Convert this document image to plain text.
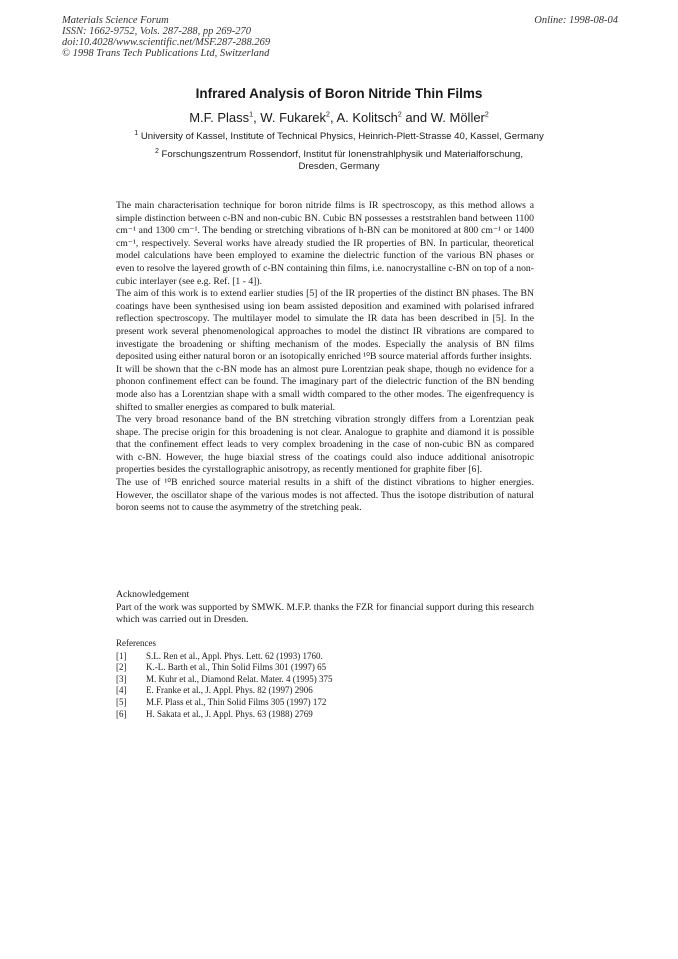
Materials Science Forum
ISSN: 1662-9752, Vols. 287-288, pp 269-270
doi:10.4028/www.scientific.net/MSF.287-288.269
© 1998 Trans Tech Publications Ltd, Switzerland
Online: 1998-08-04
Infrared Analysis of Boron Nitride Thin Films
M.F. Plass$^1$, W. Fukarek$^2$, A. Kolitsch$^2$ and W. Möller$^2$
$^1$ University of Kassel, Institute of Technical Physics, Heinrich-Plett-Strasse 40, Kassel, Germany
$^2$ Forschungszentrum Rossendorf, Institut für Ionenstrahlphysik und Materialforschung,
Dresden, Germany

The main characterisation technique for boron nitride films is IR spectroscopy, as this method allows a simple distinction between c-BN and non-cubic BN. Cubic BN possesses a reststrahlen band between 1100 cm⁻¹ and 1300 cm⁻¹. The bending or stretching vibrations of h-BN can be monitored at 800 cm⁻¹ or 1400 cm⁻¹, respectively. Several works have already studied the IR properties of BN. In particular, theoretical model calculations have been employed to examine the dielectric function of the various BN phases or even to resolve the layered growth of c-BN containing thin films, i.e. nanocrystalline c-BN on top of a non-cubic interlayer (see e.g. Ref. [1 - 4]).

The aim of this work is to extend earlier studies [5] of the IR properties of the distinct BN phases. The BN coatings have been synthesised using ion beam assisted deposition and examined with polarised infrared reflection spectroscopy. The multilayer model to simulate the IR data has been described in [5]. In the present work several phenomenological approaches to model the distinct IR vibrations are compared to investigate the broadening or shifting mechanism of the modes. Especially the analysis of BN films deposited using either natural boron or an isotopically enriched ¹⁰B source material affords further insights.

It will be shown that the c-BN mode has an almost pure Lorentzian peak shape, though no evidence for a phonon confinement effect can be found. The imaginary part of the dielectric function of the BN bending mode also has a Lorentzian shape with a small width compared to the other modes. The eigenfrequency is shifted to smaller energies as compared to bulk material.

The very broad resonance band of the BN stretching vibration strongly differs from a Lorentzian peak shape. The precise origin for this broadening is not clear. Analogue to graphite and diamond it is possible that the confinement effect leads to very complex broadening in the case of non-cubic BN as compared with c-BN. However, the huge biaxial stress of the coatings could also induce additional anisotropic properties besides the cyrstallographic anisotropy, as recently mentioned for graphite fiber [6].

The use of ¹⁰B enriched source material results in a shift of the distinct vibrations to higher energies. However, the oscillator shape of the various modes is not affected. Thus the isotope distribution of natural boron seems not to cause the asymmetry of the stretching peak.

Acknowledgement

Part of the work was supported by SMWK. M.F.P. thanks the FZR for financial support during this research which was carried out in Dresden.

References
[1]	S.L. Ren et al., Appl. Phys. Lett. 62 (1993) 1760.
[2]	K.-L. Barth et al., Thin Solid Films 301 (1997) 65
[3]	M. Kuhr et al., Diamond Relat. Mater. 4 (1995) 375
[4]	E. Franke et al., J. Appl. Phys. 82 (1997) 2906
[5]	M.F. Plass et al., Thin Solid Films 305 (1997) 172
[6]	H. Sakata et al., J. Appl. Phys. 63 (1988) 2769
